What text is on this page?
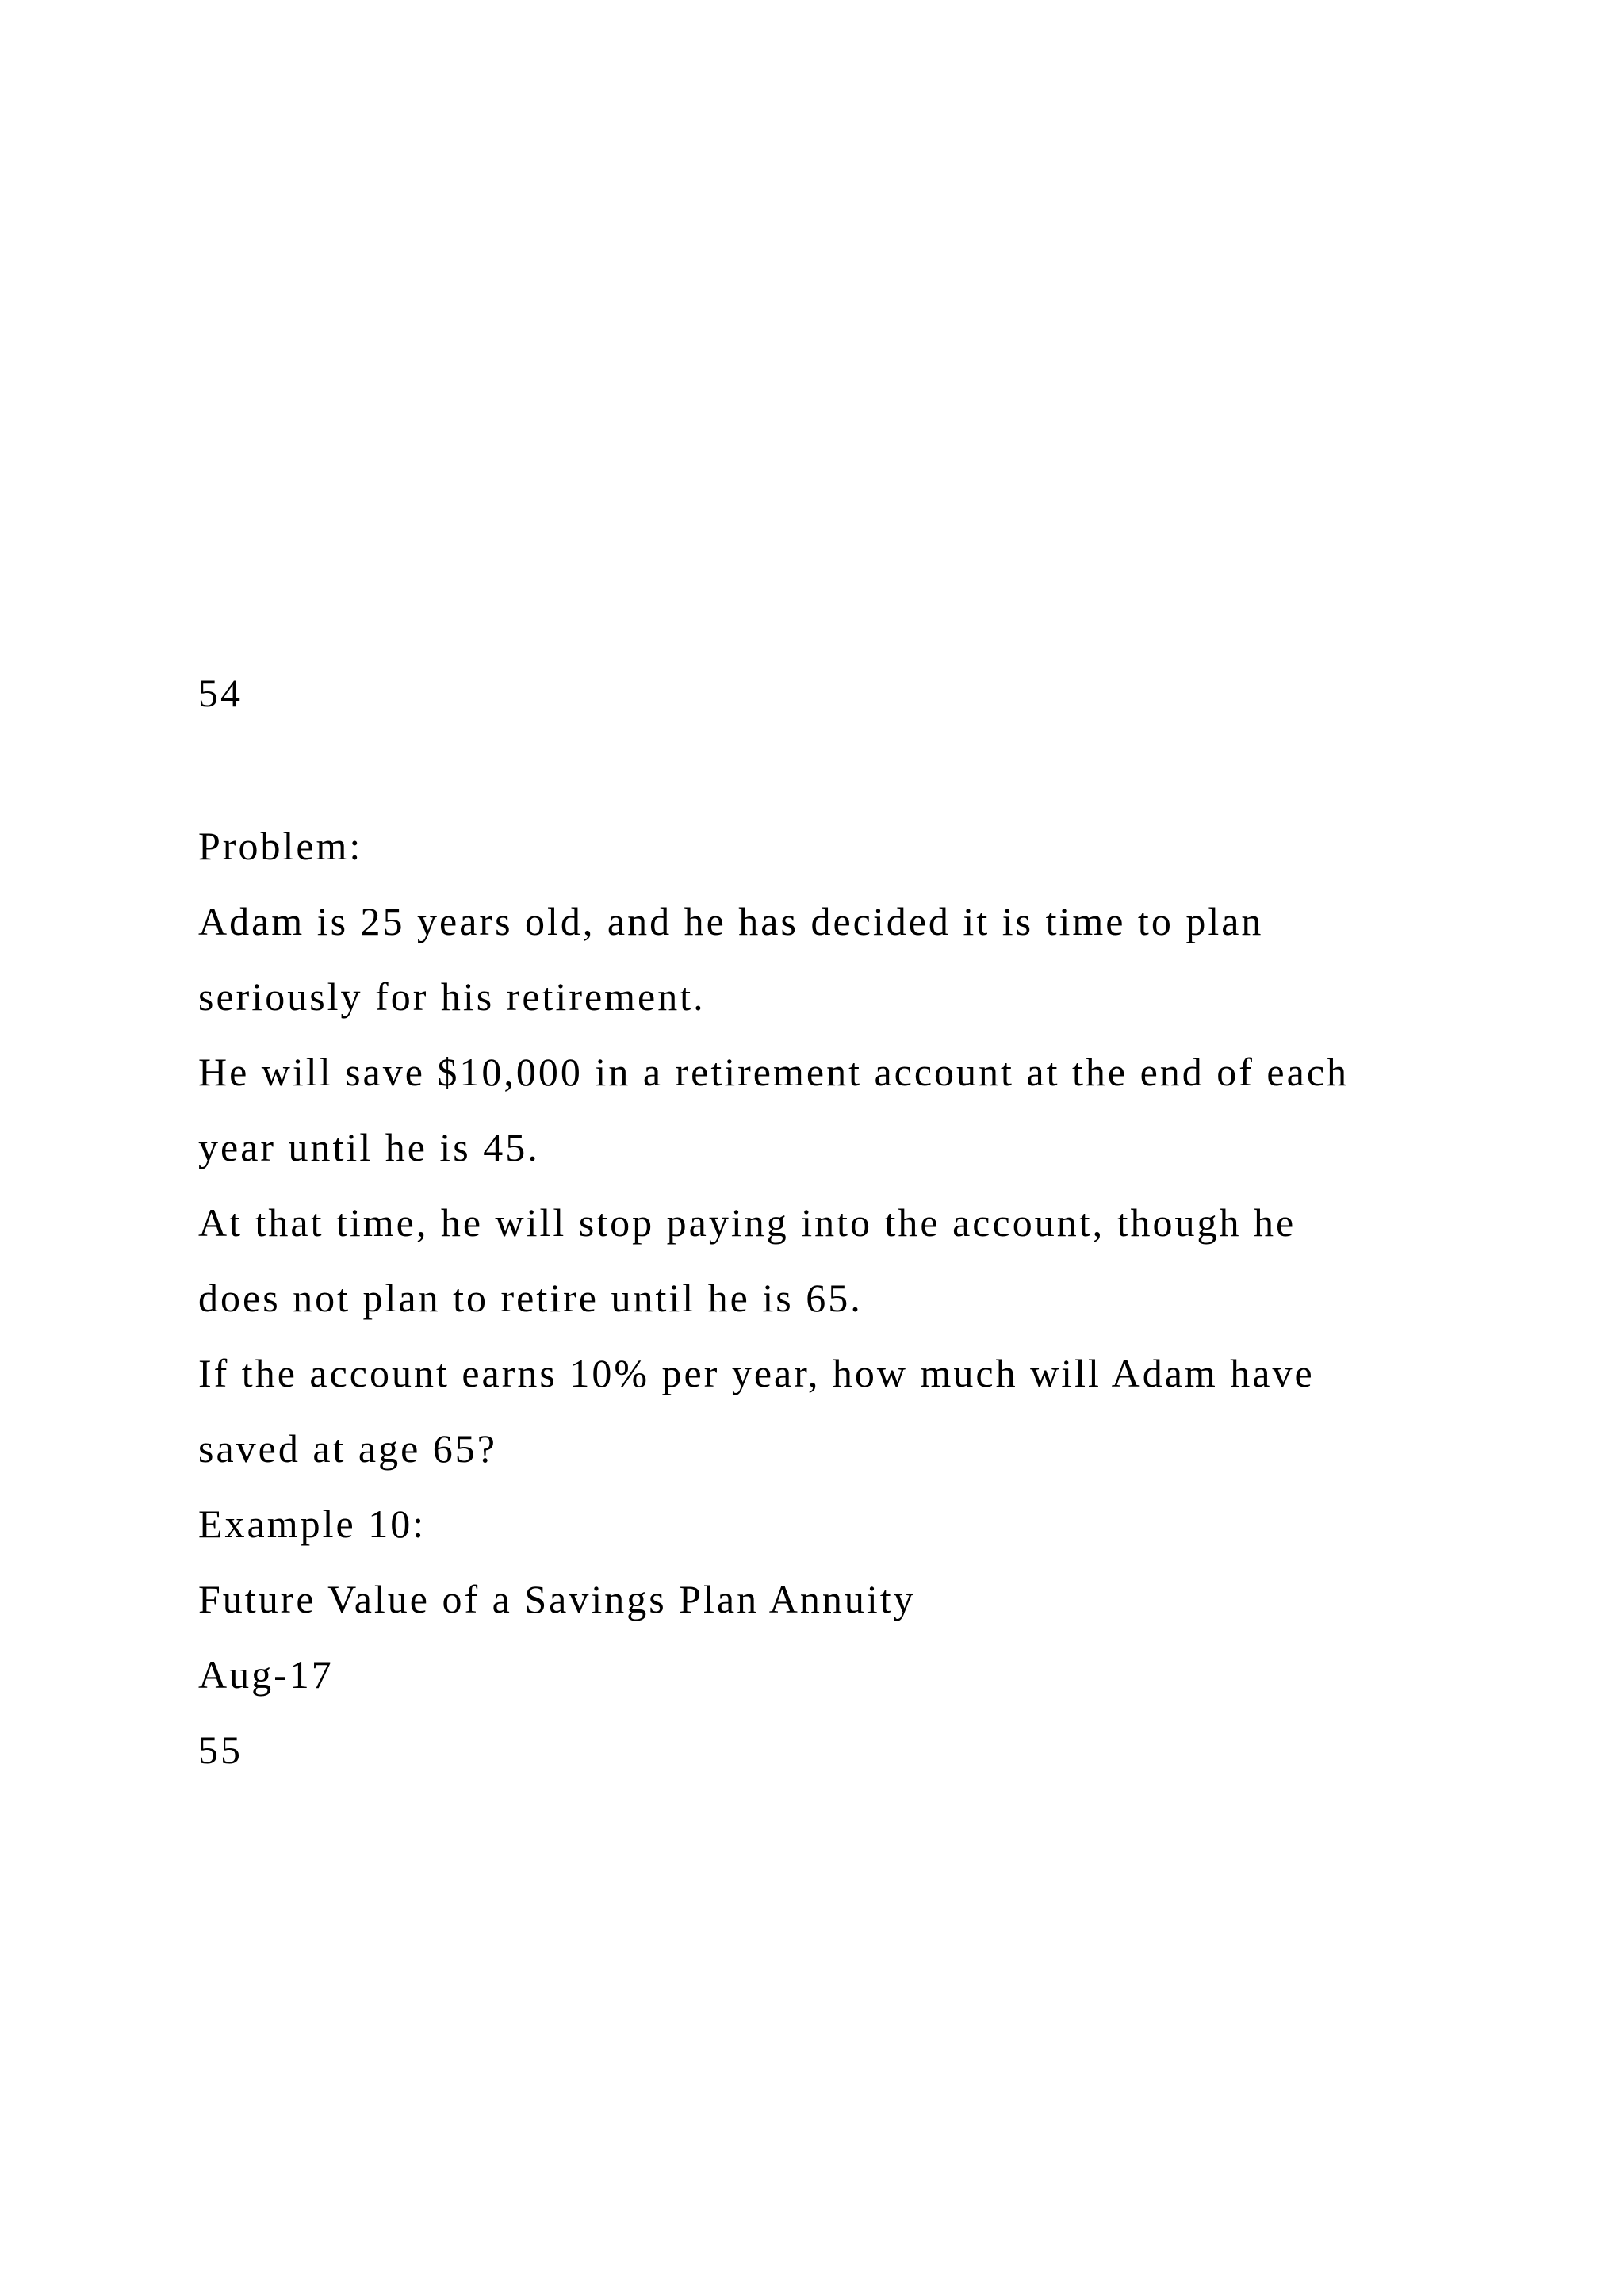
54

Problem:

Adam is 25 years old, and he has decided it is time to plan

seriously for his retirement.

He will save $10,000 in a retirement account at the end of each

year until he is 45.

At that time, he will stop paying into the account, though he

does not plan to retire until he is 65.

If the account earns 10% per year, how much will Adam have

saved at age 65?

Example 10:

Future Value of a Savings Plan Annuity

Aug-17

55
